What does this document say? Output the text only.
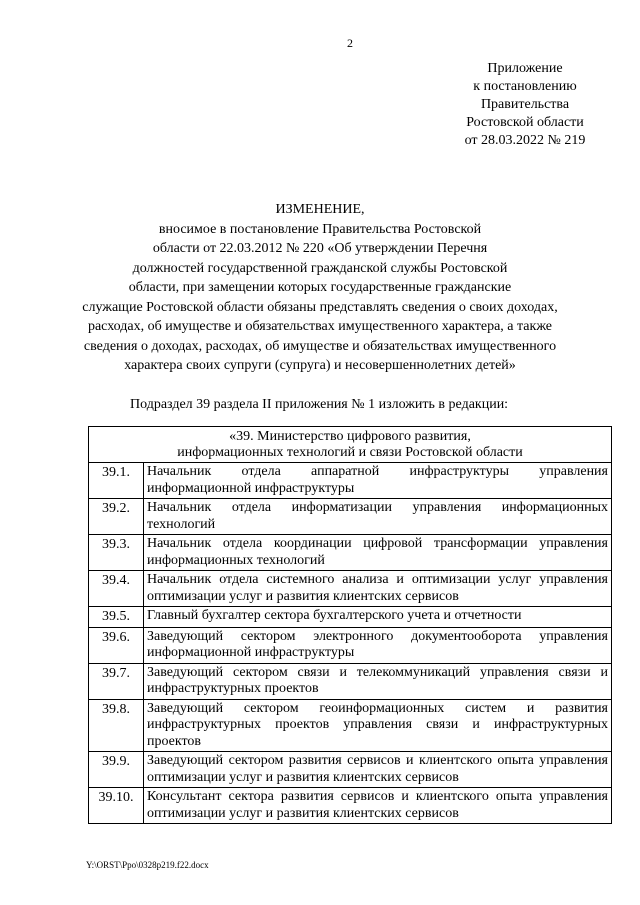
2
Приложение
к постановлению
Правительства
Ростовской области
от 28.03.2022 № 219
ИЗМЕНЕНИЕ,
вносимое в постановление Правительства Ростовской
области от 22.03.2012 № 220 «Об утверждении Перечня
должностей государственной гражданской службы Ростовской
области, при замещении которых государственные гражданские
служащие Ростовской области обязаны представлять сведения о своих доходах,
расходах, об имуществе и обязательствах имущественного характера, а также
сведения о доходах, расходах, об имуществе и обязательствах имущественного
характера своих супруги (супруга) и несовершеннолетних детей»
Подраздел 39 раздела II приложения № 1 изложить в редакции:
«39. Министерство цифрового развития,
информационных технологий и связи Ростовской области	

39.1.	Начальник отдела аппаратной инфраструктуры управления информационной инфраструктуры
39.2.	Начальник отдела информатизации управления информационных технологий
39.3.	Начальник отдела координации цифровой трансформации управления информационных технологий
39.4.	Начальник отдела системного анализа и оптимизации услуг управления оптимизации услуг и развития клиентских сервисов
39.5.	Главный бухгалтер сектора бухгалтерского учета и отчетности
39.6.	Заведующий сектором электронного документооборота управления информационной инфраструктуры
39.7.	Заведующий сектором связи и телекоммуникаций управления связи и инфраструктурных проектов
39.8.	Заведующий сектором геоинформационных систем и развития инфраструктурных проектов управления связи и инфраструктурных проектов
39.9.	Заведующий сектором развития сервисов и клиентского опыта управления оптимизации услуг и развития клиентских сервисов
39.10.	Консультант сектора развития сервисов и клиентского опыта управления оптимизации услуг и развития клиентских сервисов
Y:\ORST\Ppo\0328p219.f22.docx
